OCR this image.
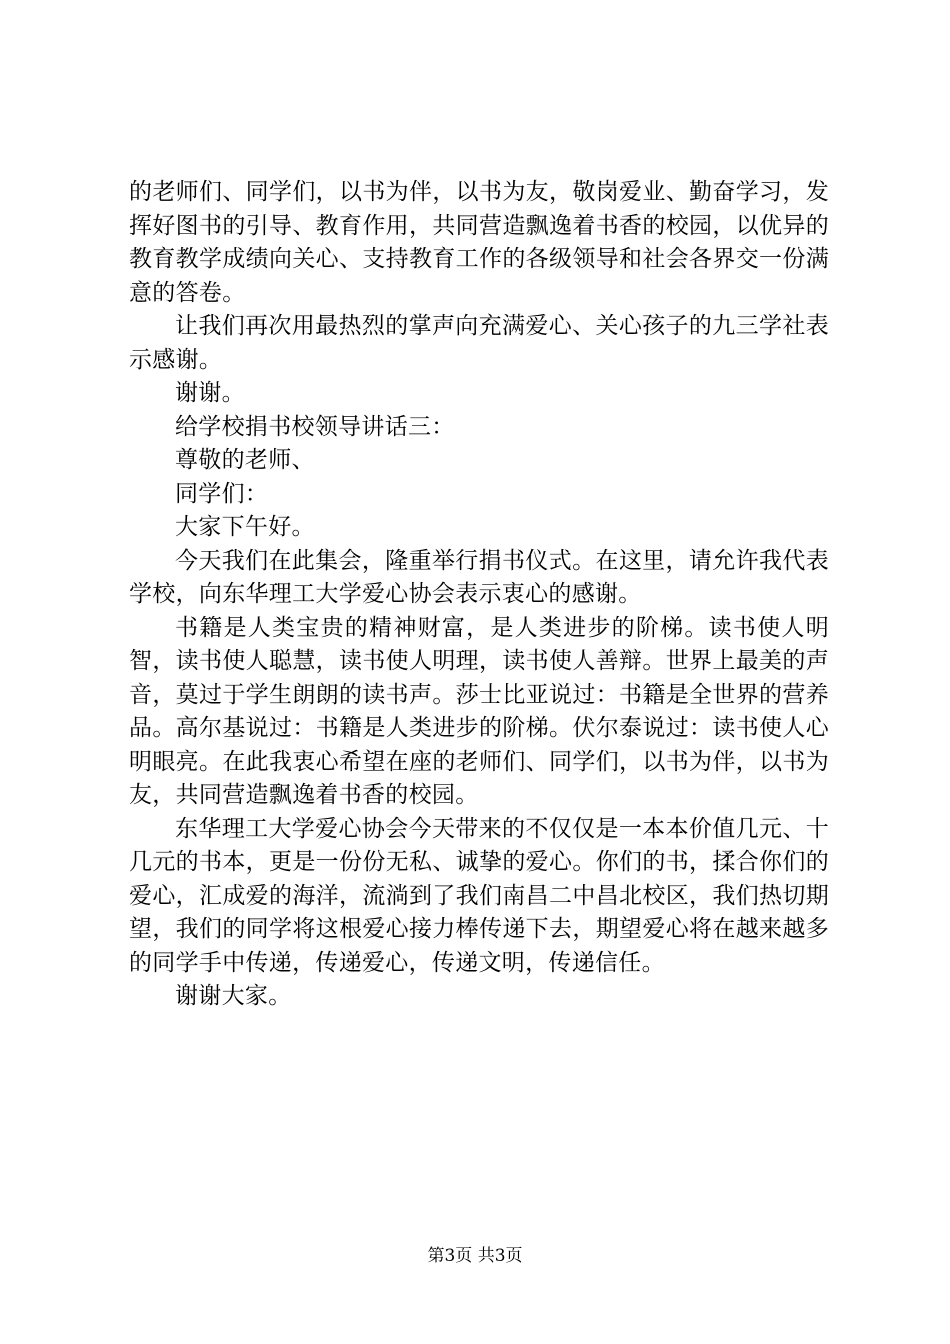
的老师们、同学们，以书为伴，以书为友，敬岗爱业、勤奋学习，发挥好图书的引导、教育作用，共同营造飘逸着书香的校园，以优异的教育教学成绩向关心、支持教育工作的各级领导和社会各界交一份满意的答卷。

让我们再次用最热烈的掌声向充满爱心、关心孩子的九三学社表示感谢。

谢谢。

给学校捐书校领导讲话三：

尊敬的老师、

同学们：

大家下午好。

今天我们在此集会，隆重举行捐书仪式。在这里，请允许我代表学校，向东华理工大学爱心协会表示衷心的感谢。

书籍是人类宝贵的精神财富，是人类进步的阶梯。读书使人明智，读书使人聪慧，读书使人明理，读书使人善辩。世界上最美的声音，莫过于学生朗朗的读书声。莎士比亚说过：书籍是全世界的营养品。高尔基说过：书籍是人类进步的阶梯。伏尔泰说过：读书使人心明眼亮。在此我衷心希望在座的老师们、同学们，以书为伴，以书为友，共同营造飘逸着书香的校园。

东华理工大学爱心协会今天带来的不仅仅是一本本价值几元、十几元的书本，更是一份份无私、诚挚的爱心。你们的书，揉合你们的爱心，汇成爱的海洋，流淌到了我们南昌二中昌北校区，我们热切期望，我们的同学将这根爱心接力棒传递下去，期望爱心将在越来越多的同学手中传递，传递爱心，传递文明，传递信任。

谢谢大家。

第3页 共3页
